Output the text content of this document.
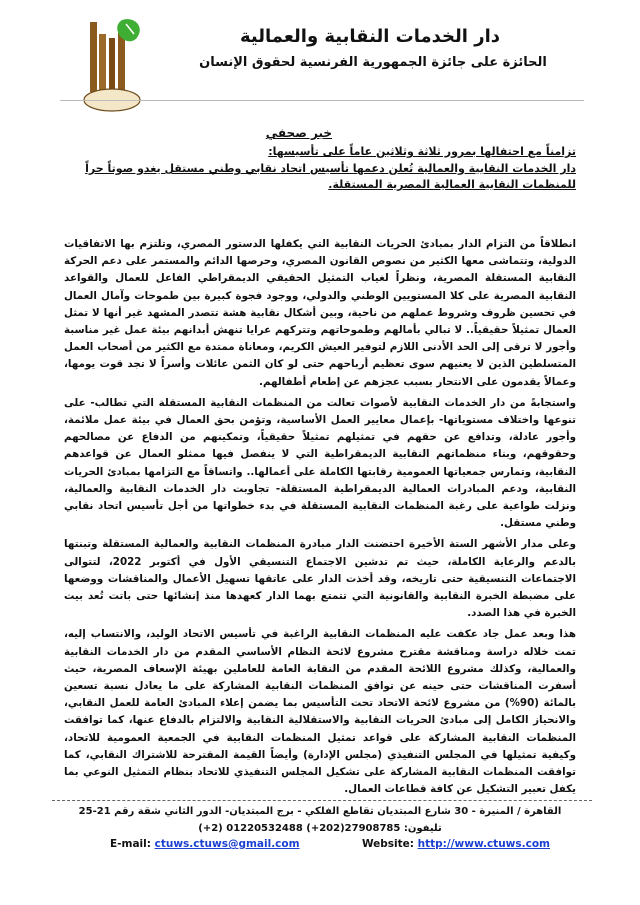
دار الخدمات النقابية والعمالية
الحائزة على جائزة الجمهورية الفرنسية لحقوق الإنسان
خبر صحفي
تزامناً مع احتفالها بمرور ثلاثة وثلاثين عاماً على تأسيسها:
دار الخدمات النقابية والعمالية تُعلن دعمها تأسيس اتحاد نقابي وطني مستقل يغدو صوتاً حراً للمنظمات النقابية العمالية المصرية المستقلة.

انطلاقاً من التزام الدار بمبادئ الحريات النقابية التي يكفلها الدستور المصري، وتلتزم بها الاتفاقيات الدولية، وتتماشى معها الكثير من نصوص القانون المصري، وحرصها الدائم والمستمر على دعم الحركة النقابية المستقلة المصرية، ونظراً لغياب التمثيل الحقيقي الديمقراطي الفاعل للعمال والقواعد النقابية المصرية على كلا المستويين الوطني والدولي، ووجود فجوة كبيرة بين طموحات وآمال العمال في تحسين ظروف وشروط عملهم من ناحية، وبين أشكال نقابية هشة تتصدر المشهد غير أنها لا تمثل العمال تمثيلاً حقيقياً.. لا تبالي بأمالهم وطموحاتهم وتتركهم عرايا تنهش أبدانهم بيئة عمل غير مناسبة وأجور لا ترقى إلى الحد الأدنى اللازم لتوفير العيش الكريم، ومعاناة ممتدة مع الكثير من أصحاب العمل المتسلطين الذين لا يعنيهم سوى تعظيم أرباحهم حتى لو كان الثمن عائلات وأسراً لا تجد قوت يومها، وعمالاً يقدمون على الانتحار بسبب عجزهم عن إطعام أطفالهم.

واستجابةً من دار الخدمات النقابية لأصوات تعالت من المنظمات النقابية المستقلة التي تطالب- على تنوعها واختلاف مستوياتها- بإعمال معايير العمل الأساسية، وتؤمن بحق العمال في بيئة عمل ملائمة، وأجور عادلة، وتدافع عن حقهم في تمثيلهم تمثيلاً حقيقياً، وتمكينهم من الدفاع عن مصالحهم وحقوقهم، وبناء منظماتهم النقابية الديمقراطية التي لا ينفصل فيها ممثلو العمال عن قواعدهم النقابية، وتمارس جمعياتها العمومية رقابتها الكاملة على أعمالها.. واتساقاً مع التزامها بمبادئ الحريات النقابية، ودعم المبادرات العمالية الديمقراطية المستقلة- تجاوبت دار الخدمات النقابية والعمالية، ونزلت طواعية على رغبة المنظمات النقابية المستقلة في بدء خطواتها من أجل تأسيس اتحاد نقابي وطني مستقل.

وعلى مدار الأشهر الستة الأخيرة احتضنت الدار مبادرة المنظمات النقابية والعمالية المستقلة وتبنتها بالدعم والرعاية الكاملة، حيث تم تدشين الاجتماع التنسيقي الأول في أكتوبر 2022، لتتوالى الاجتماعات التنسيقية حتى تاريخه، وقد أخذت الدار على عاتقها تسهيل الأعمال والمناقشات ووضعها على مضبطة الخبرة النقابية والقانونية التي تتمتع بهما الدار كعهدها منذ إنشائها حتى باتت تُعد بيت الخبرة في هذا الصدد.

هذا وبعد عمل جاد عكفت عليه المنظمات النقابية الراغبة في تأسيس الاتحاد الوليد، والانتساب إليه، تمت خلاله دراسة ومناقشة مقترح مشروع لائحة النظام الأساسي المقدم من دار الخدمات النقابية والعمالية، وكذلك مشروع اللائحة المقدم من النقابة العامة للعاملين بهيئة الإسعاف المصرية، حيث أسفرت المناقشات حتى حينه عن توافق المنظمات النقابية المشاركة على ما يعادل نسبة تسعين بالمائة (90%) من مشروع لائحة الاتحاد تحت التأسيس بما يضمن إعلاء المبادئ العامة للعمل النقابي، والانحياز الكامل إلى مبادئ الحريات النقابية والاستقلالية النقابية والالتزام بالدفاع عنها، كما توافقت المنظمات النقابية المشاركة على قواعد تمثيل المنظمات النقابية في الجمعية العمومية للاتحاد، وكيفية تمثيلها في المجلس التنفيذي (مجلس الإدارة) وأيضاً القيمة المقترحة للاشتراك النقابي، كما توافقت المنظمات النقابية المشاركة على تشكيل المجلس التنفيذي للاتحاد بنظام التمثيل النوعي بما يكفل تعبير التشكيل عن كافة قطاعات العمال.

القاهرة / المنيرة - 30 شارع المبتديان تقاطع الفلكي - برج المبتديان- الدور الثاني شقة رقم 21-25
تليفون: 27908785(202+) 01220532488 (2+)
E-mail: ctuws.ctuws@gmail.com	Website: http://www.ctuws.com
